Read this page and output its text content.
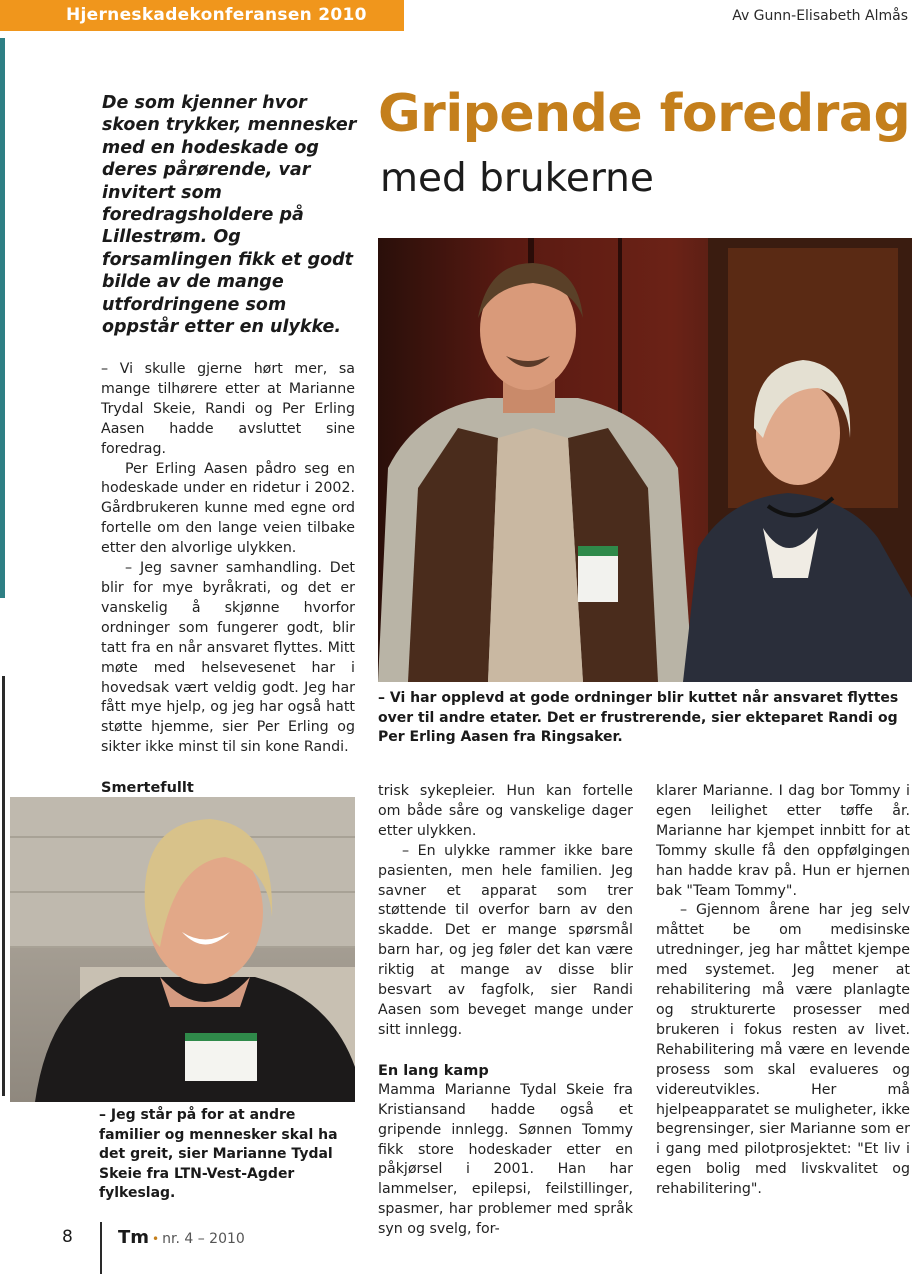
Hjerneskadekonferansen 2010	Av Gunn-Elisabeth Almås
De som kjenner hvor skoen trykker, mennesker med en hodeskade og deres pårørende, var invitert som foredragsholdere på Lillestrøm. Og forsamlingen fikk et godt bilde av de mange utfordringene som oppstår etter en ulykke.
Gripende foredrag
med brukerne
– Vi har opplevd at gode ordninger blir kuttet når ansvaret flyttes over til andre etater. Det er frustrerende, sier ekteparet Randi og Per Erling Aasen fra Ringsaker.

– Vi skulle gjerne hørt mer, sa mange tilhørere etter at Marianne Trydal Skeie, Randi og Per Erling Aasen hadde avsluttet sine foredrag.

Per Erling Aasen pådro seg en hodeskade under en ridetur i 2002. Gårdbrukeren kunne med egne ord fortelle om den lange veien tilbake etter den alvorlige ulykken.

– Jeg savner samhandling. Det blir for mye byråkrati, og det er vanskelig å skjønne hvorfor ordninger som fungerer godt, blir tatt fra en når ansvaret flyttes. Mitt møte med helsevesenet har i hovedsak vært veldig godt. Jeg har fått mye hjelp, og jeg har også hatt støtte hjemme, sier Per Erling og sikter ikke minst til sin kone Randi.

Smertefullt

– Jeg står på for at andre familier og mennesker skal ha det greit, sier Marianne Tydal Skeie fra LTN-Vest-Agder fylkeslag.

trisk sykepleier. Hun kan fortelle om både såre og vanskelige dager etter ulykken.

– En ulykke rammer ikke bare pasienten, men hele familien. Jeg savner et apparat som trer støttende til overfor barn av den skadde. Det er mange spørsmål barn har, og jeg føler det kan være riktig at mange av disse blir besvart av fagfolk, sier Randi Aasen som beveget mange under sitt innlegg.

En lang kamp

Mamma Marianne Tydal Skeie fra Kristiansand hadde også et gripende innlegg. Sønnen Tommy fikk store hodeskader etter en påkjørsel i 2001. Han har lammelser, epilepsi, feilstillinger, spasmer, har problemer med språk syn og svelg, for-

klarer Marianne. I dag bor Tommy i egen leilighet etter tøffe år. Marianne har kjempet innbitt for at Tommy skulle få den oppfølgingen han hadde krav på. Hun er hjernen bak "Team Tommy".

– Gjennom årene har jeg selv måttet be om medisinske utredninger, jeg har måttet kjempe med systemet. Jeg mener at rehabilitering må være planlagte og strukturerte prosesser med brukeren i fokus resten av livet. Rehabilitering må være en levende prosess som skal evalueres og videreutvikles. Her må hjelpeapparatet se muligheter, ikke begrensinger, sier Marianne som er i gang med pilotprosjektet: "Et liv i egen bolig med livskvalitet og rehabilitering".

8	Tm • nr. 4 – 2010
